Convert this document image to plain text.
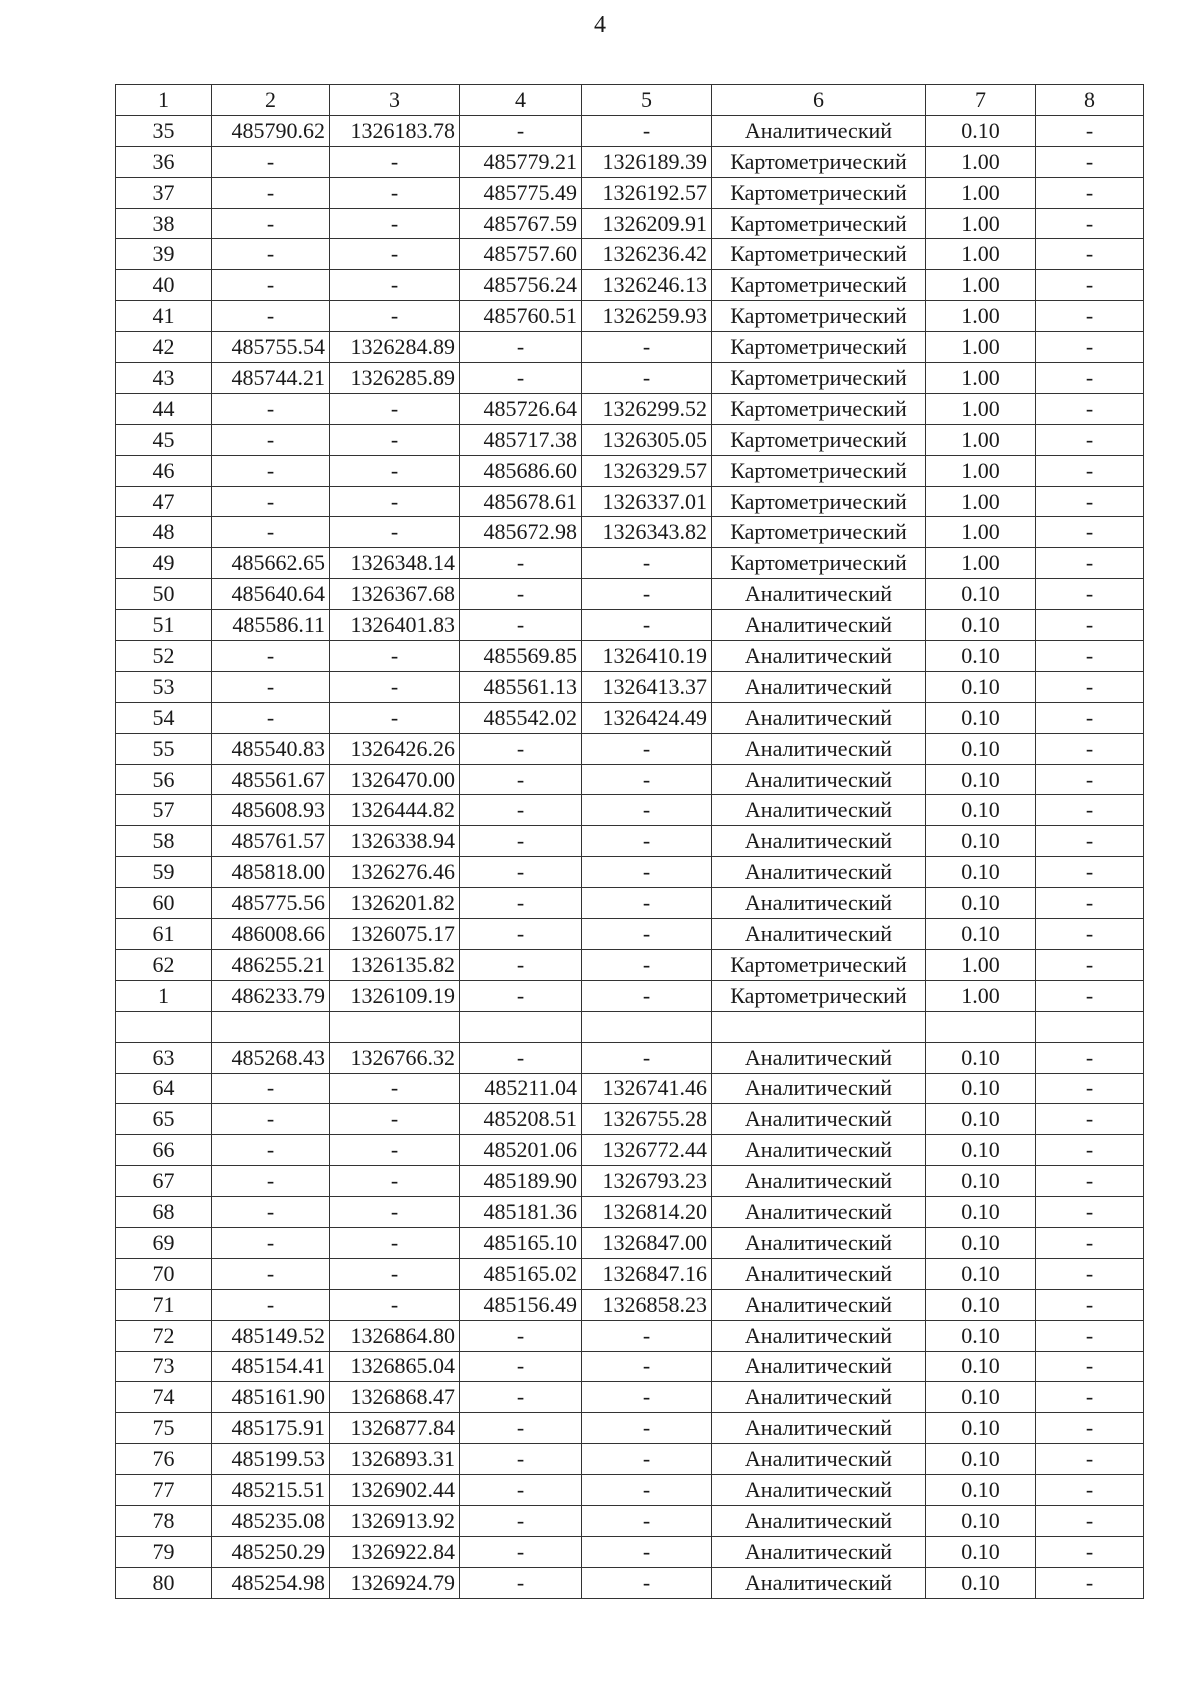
4
1	2	3	4	5	6	7	8
35	485790.62	1326183.78	-	-	Аналитический	0.10	-
36	-	-	485779.21	1326189.39	Картометрический	1.00	-
37	-	-	485775.49	1326192.57	Картометрический	1.00	-
38	-	-	485767.59	1326209.91	Картометрический	1.00	-
39	-	-	485757.60	1326236.42	Картометрический	1.00	-
40	-	-	485756.24	1326246.13	Картометрический	1.00	-
41	-	-	485760.51	1326259.93	Картометрический	1.00	-
42	485755.54	1326284.89	-	-	Картометрический	1.00	-
43	485744.21	1326285.89	-	-	Картометрический	1.00	-
44	-	-	485726.64	1326299.52	Картометрический	1.00	-
45	-	-	485717.38	1326305.05	Картометрический	1.00	-
46	-	-	485686.60	1326329.57	Картометрический	1.00	-
47	-	-	485678.61	1326337.01	Картометрический	1.00	-
48	-	-	485672.98	1326343.82	Картометрический	1.00	-
49	485662.65	1326348.14	-	-	Картометрический	1.00	-
50	485640.64	1326367.68	-	-	Аналитический	0.10	-
51	485586.11	1326401.83	-	-	Аналитический	0.10	-
52	-	-	485569.85	1326410.19	Аналитический	0.10	-
53	-	-	485561.13	1326413.37	Аналитический	0.10	-
54	-	-	485542.02	1326424.49	Аналитический	0.10	-
55	485540.83	1326426.26	-	-	Аналитический	0.10	-
56	485561.67	1326470.00	-	-	Аналитический	0.10	-
57	485608.93	1326444.82	-	-	Аналитический	0.10	-
58	485761.57	1326338.94	-	-	Аналитический	0.10	-
59	485818.00	1326276.46	-	-	Аналитический	0.10	-
60	485775.56	1326201.82	-	-	Аналитический	0.10	-
61	486008.66	1326075.17	-	-	Аналитический	0.10	-
62	486255.21	1326135.82	-	-	Картометрический	1.00	-
1	486233.79	1326109.19	-	-	Картометрический	1.00	-

63	485268.43	1326766.32	-	-	Аналитический	0.10	-
64	-	-	485211.04	1326741.46	Аналитический	0.10	-
65	-	-	485208.51	1326755.28	Аналитический	0.10	-
66	-	-	485201.06	1326772.44	Аналитический	0.10	-
67	-	-	485189.90	1326793.23	Аналитический	0.10	-
68	-	-	485181.36	1326814.20	Аналитический	0.10	-
69	-	-	485165.10	1326847.00	Аналитический	0.10	-
70	-	-	485165.02	1326847.16	Аналитический	0.10	-
71	-	-	485156.49	1326858.23	Аналитический	0.10	-
72	485149.52	1326864.80	-	-	Аналитический	0.10	-
73	485154.41	1326865.04	-	-	Аналитический	0.10	-
74	485161.90	1326868.47	-	-	Аналитический	0.10	-
75	485175.91	1326877.84	-	-	Аналитический	0.10	-
76	485199.53	1326893.31	-	-	Аналитический	0.10	-
77	485215.51	1326902.44	-	-	Аналитический	0.10	-
78	485235.08	1326913.92	-	-	Аналитический	0.10	-
79	485250.29	1326922.84	-	-	Аналитический	0.10	-
80	485254.98	1326924.79	-	-	Аналитический	0.10	-
